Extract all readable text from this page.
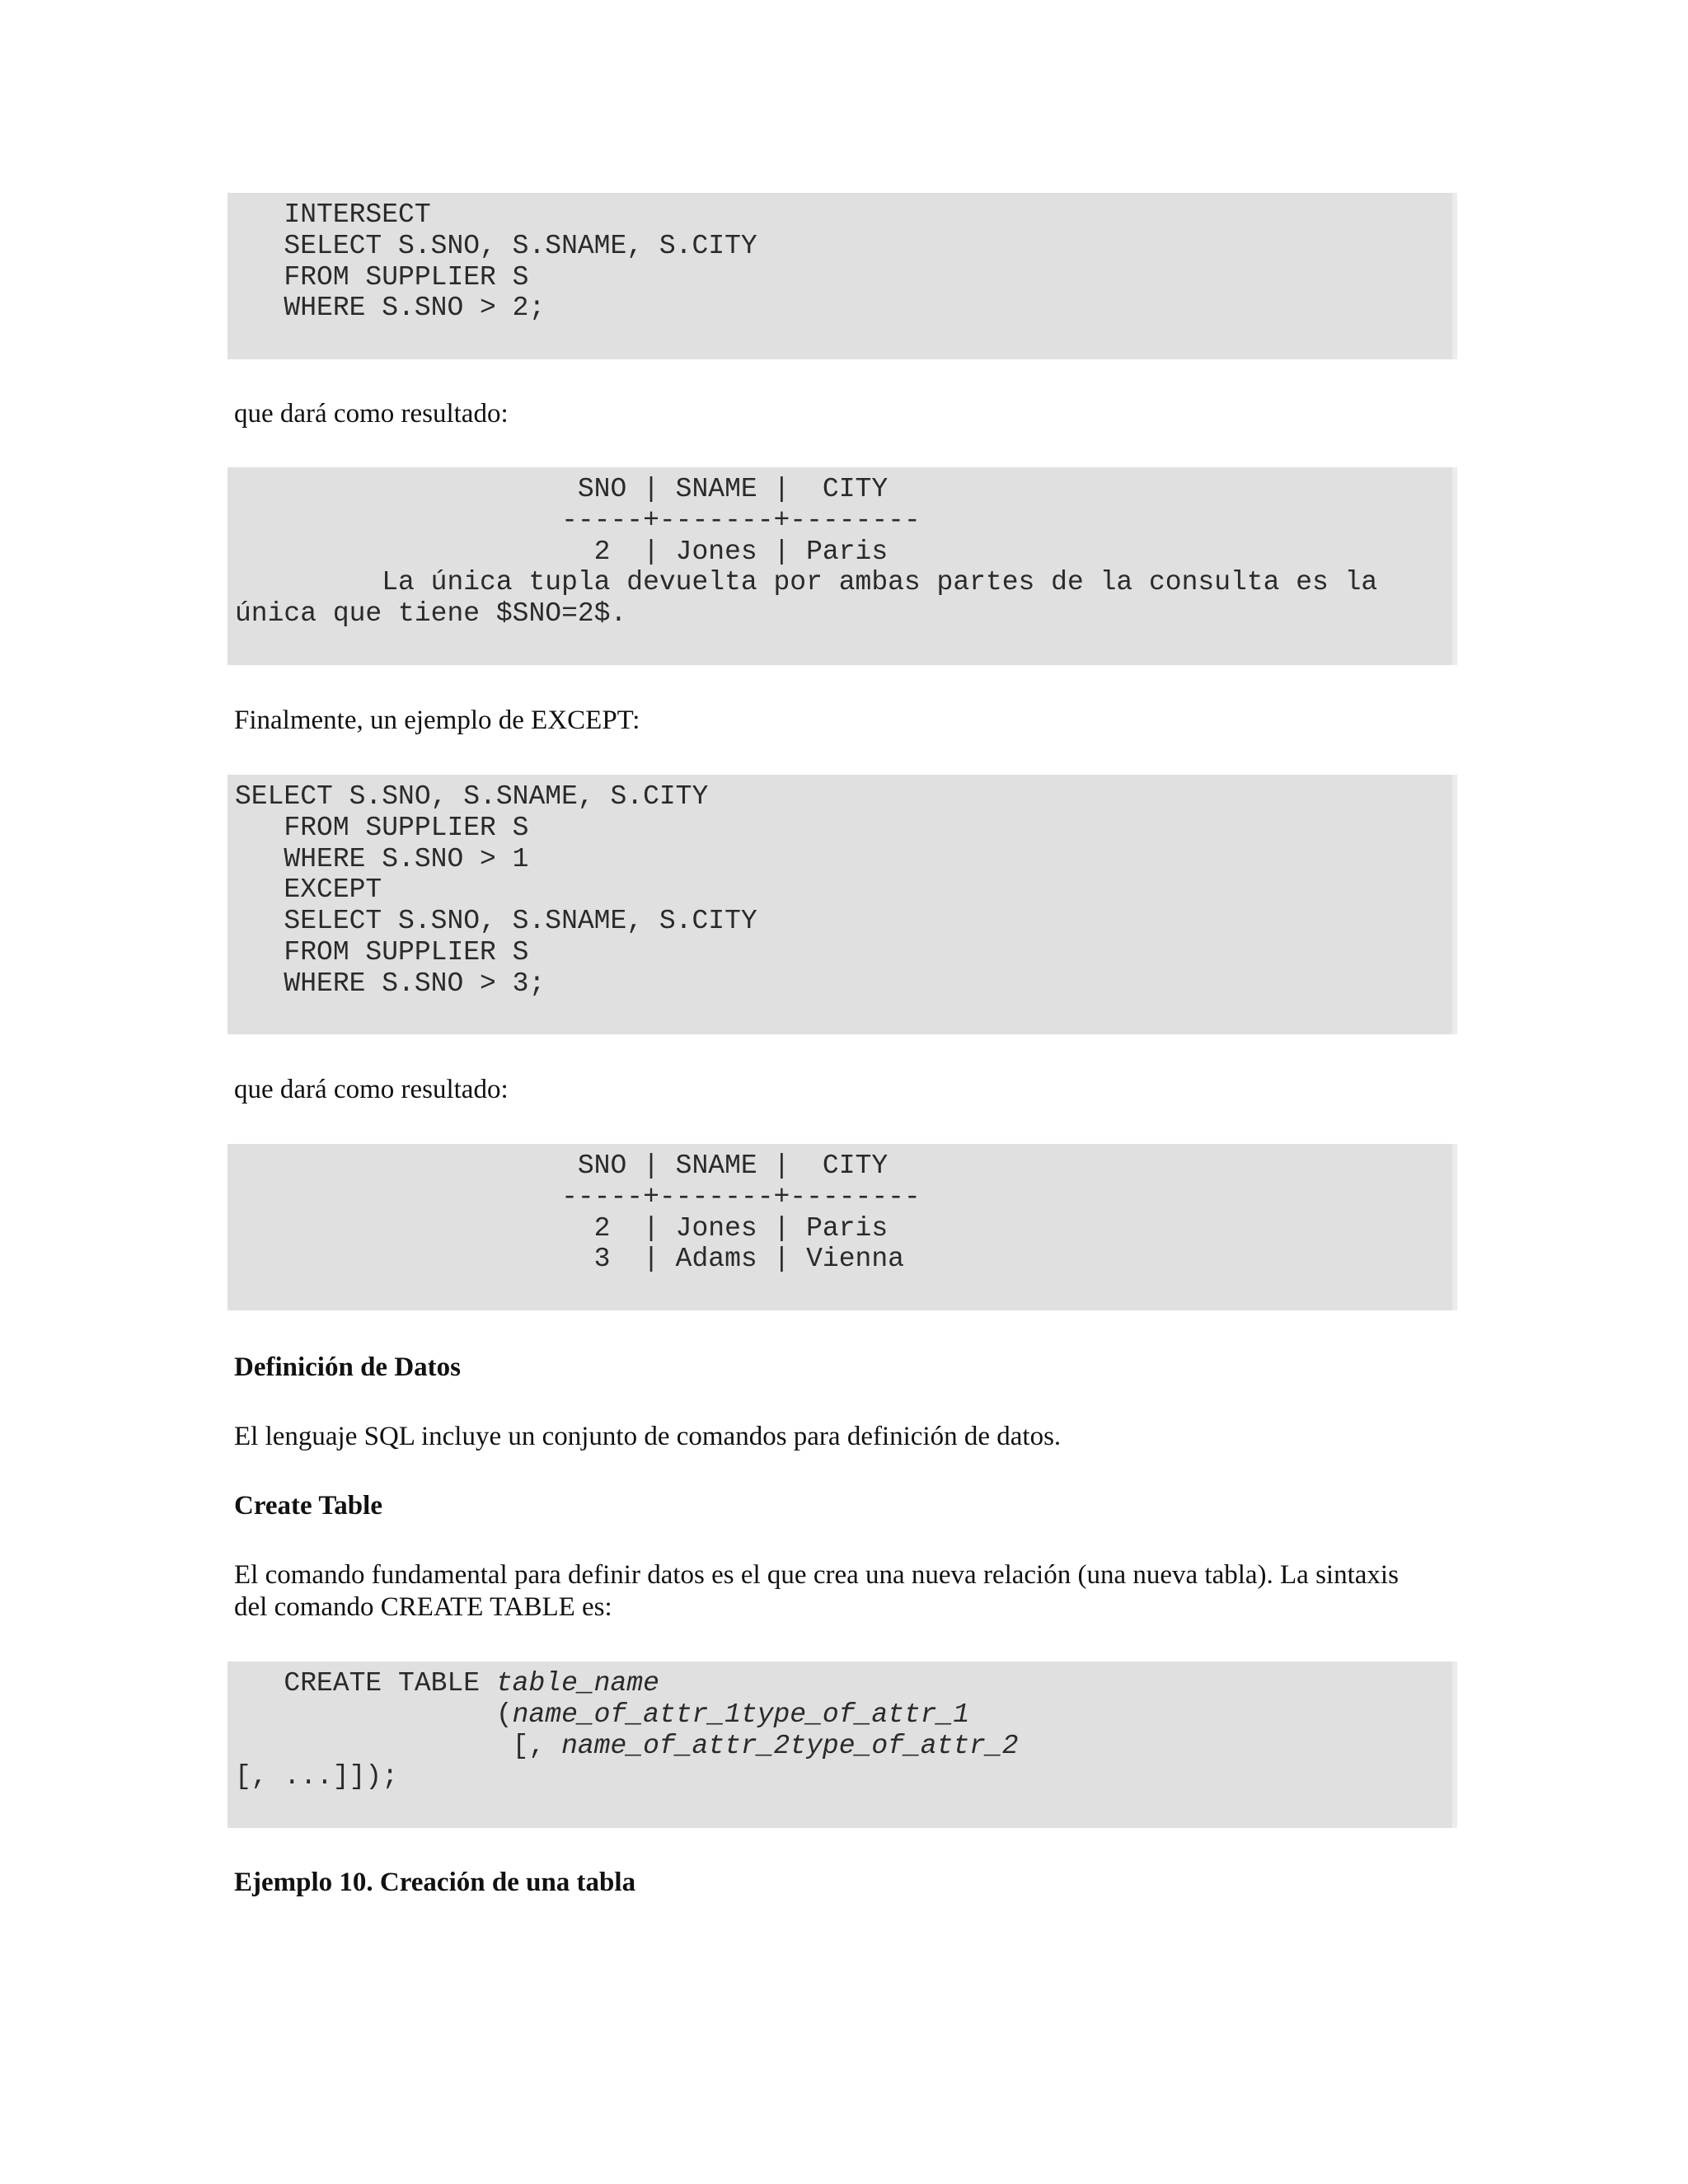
INTERSECT
SELECT S.SNO, S.SNAME, S.CITY
FROM SUPPLIER S
WHERE S.SNO > 2;

que dará como resultado:

SNO | SNAME |  CITY
-----+-------+--------
2  | Jones | Paris
La única tupla devuelta por ambas partes de la consulta es la
única que tiene $SNO=2$.

Finalmente, un ejemplo de EXCEPT:

SELECT S.SNO, S.SNAME, S.CITY
FROM SUPPLIER S
WHERE S.SNO > 1
EXCEPT
SELECT S.SNO, S.SNAME, S.CITY
FROM SUPPLIER S
WHERE S.SNO > 3;

que dará como resultado:

SNO | SNAME |  CITY
-----+-------+--------
2  | Jones | Paris
3  | Adams | Vienna

Definición de Datos

El lenguaje SQL incluye un conjunto de comandos para definición de datos.

Create Table

El comando fundamental para definir datos es el que crea una nueva relación (una nueva tabla). La sintaxis del comando CREATE TABLE es:

CREATE TABLE table_name
(name_of_attr_1type_of_attr_1
[, name_of_attr_2type_of_attr_2
[, ...]]);

Ejemplo 10. Creación de una tabla
